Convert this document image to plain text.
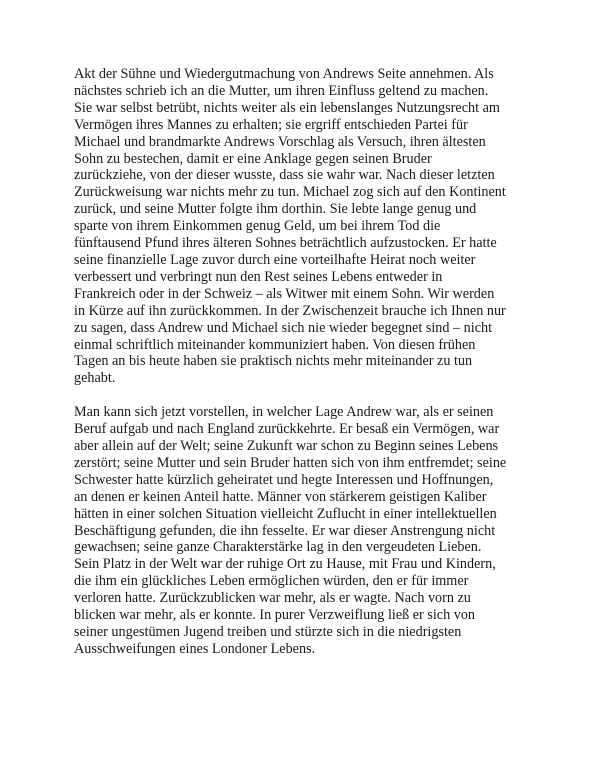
Akt der Sühne und Wiedergutmachung von Andrews Seite annehmen. Als
nächstes schrieb ich an die Mutter, um ihren Einfluss geltend zu machen.
Sie war selbst betrübt, nichts weiter als ein lebenslanges Nutzungsrecht am
Vermögen ihres Mannes zu erhalten; sie ergriff entschieden Partei für
Michael und brandmarkte Andrews Vorschlag als Versuch, ihren ältesten
Sohn zu bestechen, damit er eine Anklage gegen seinen Bruder
zurückziehe, von der dieser wusste, dass sie wahr war. Nach dieser letzten
Zurückweisung war nichts mehr zu tun. Michael zog sich auf den Kontinent
zurück, und seine Mutter folgte ihm dorthin. Sie lebte lange genug und
sparte von ihrem Einkommen genug Geld, um bei ihrem Tod die
fünftausend Pfund ihres älteren Sohnes beträchtlich aufzustocken. Er hatte
seine finanzielle Lage zuvor durch eine vorteilhafte Heirat noch weiter
verbessert und verbringt nun den Rest seines Lebens entweder in
Frankreich oder in der Schweiz – als Witwer mit einem Sohn. Wir werden
in Kürze auf ihn zurückkommen. In der Zwischenzeit brauche ich Ihnen nur
zu sagen, dass Andrew und Michael sich nie wieder begegnet sind – nicht
einmal schriftlich miteinander kommuniziert haben. Von diesen frühen
Tagen an bis heute haben sie praktisch nichts mehr miteinander zu tun
gehabt.
Man kann sich jetzt vorstellen, in welcher Lage Andrew war, als er seinen
Beruf aufgab und nach England zurückkehrte. Er besaß ein Vermögen, war
aber allein auf der Welt; seine Zukunft war schon zu Beginn seines Lebens
zerstört; seine Mutter und sein Bruder hatten sich von ihm entfremdet; seine
Schwester hatte kürzlich geheiratet und hegte Interessen und Hoffnungen,
an denen er keinen Anteil hatte. Männer von stärkerem geistigen Kaliber
hätten in einer solchen Situation vielleicht Zuflucht in einer intellektuellen
Beschäftigung gefunden, die ihn fesselte. Er war dieser Anstrengung nicht
gewachsen; seine ganze Charakterstärke lag in den vergeudeten Lieben.
Sein Platz in der Welt war der ruhige Ort zu Hause, mit Frau und Kindern,
die ihm ein glückliches Leben ermöglichen würden, den er für immer
verloren hatte. Zurückzublicken war mehr, als er wagte. Nach vorn zu
blicken war mehr, als er konnte. In purer Verzweiflung ließ er sich von
seiner ungestümen Jugend treiben und stürzte sich in die niedrigsten
Ausschweifungen eines Londoner Lebens.
